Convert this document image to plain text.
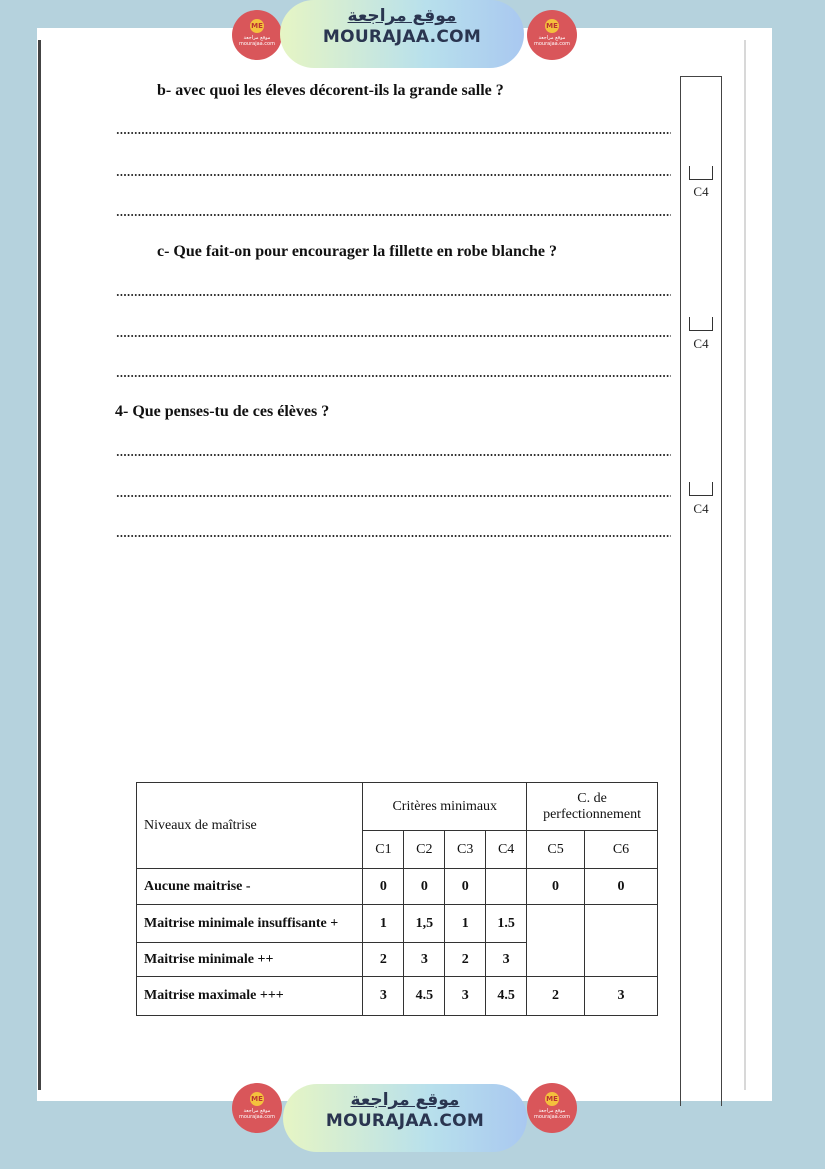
ME
موقع مراجعة
mourajaa.com
موقع مراجعة
MOURAJAA.COM
ME
موقع مراجعة
mourajaa.com
b- avec quoi les éleves décorent-ils la grande salle ?
C4
c- Que fait-on pour encourager la fillette en robe blanche ?
C4
4- Que penses-tu de ces élèves ?
C4
Niveaux de maîtrise	Critères minimaux				C. de perfectionnement	
	C1	C2	C3	C4	C5	C6
Aucune maitrise -	0	0	0		0	0
Maitrise minimale insuffisante +	1	1,5	1	1.5		
Maitrise minimale ++	2	3	2	3		
Maitrise maximale +++	3	4.5	3	4.5	2	3
ME
موقع مراجعة
mourajaa.com
موقع مراجعة
MOURAJAA.COM
ME
موقع مراجعة
mourajaa.com
